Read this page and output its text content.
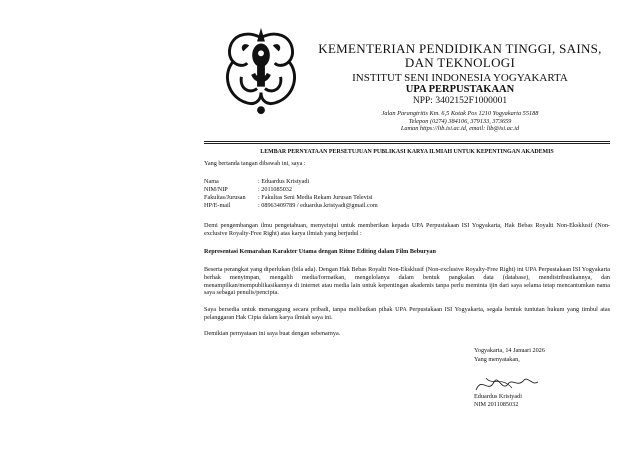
KEMENTERIAN PENDIDIKAN TINGGI, SAINS,
DAN TEKNOLOGI
INSTITUT SENI INDONESIA YOGYAKARTA
UPA PERPUSTAKAAN
NPP: 3402152F1000001
Jalan Parangtritis Km. 6,5 Kotak Pos 1210 Yogyakarta 55188
Telepon (0274) 384106, 379133, 373659
Laman https://lib.isi.ac.id, email: lib@isi.ac.id
LEMBAR PERNYATAAN PERSETUJUAN PUBLIKASI KARYA ILMIAH UNTUK KEPENTINGAN AKADEMIS
Yang bertanda tangan dibawah ini, saya :
Nama	: Eduardus Kristyadi
NIM/NIP	: 2011085032
Fakultas/Jurusan : Fakultas Seni Media Rekam Jurusan Televisi
HP/E-mail	: 08963409789 / eduardus.kristyadi@gmail.com
Demi pengembangan ilmu pengetahuan, menyetujui untuk memberikan kepada UPA Perpustakaan ISI Yogyakarta, Hak Bebas Royalti Non-Eksklusif (Non-exclusive Royalty-Free Right) atas karya ilmiah yang berjudul :
Representasi Kemarahan Karakter Utama dengan Ritme Editing dalam Film Beburyan
Beserta perangkat yang diperlukan (bila ada). Dengan Hak Bebas Royalti Non-Eksklusif (Non-exclusive Royalty-Free Right) ini UPA Perpustakaan ISI Yogyakarta berhak menyimpan, mengalih media/formatkan, mengelolanya dalam bentuk pangkalan data (database), mendistribusikannya, dan menampilkan/mempublikasikannya di internet atau media lain untuk kepentingan akademis tanpa perlu meminta ijin dari saya selama tetap mencantumkan nama saya sebagai penulis/pencipta.
Saya bersedia untuk menanggung secara pribadi, tanpa melibatkan pihak UPA Perpustakaan ISI Yogyakarta, segala bentuk tuntutan hukum yang timbul atas pelanggaran Hak Cipta dalam karya ilmiah saya ini.
Demikian pernyataan ini saya buat dengan sebenarnya.
Yogyakarta, 14 Januari 2026
Yang menyatakan,
Eduardus Kristyadi
NIM 2011085032
